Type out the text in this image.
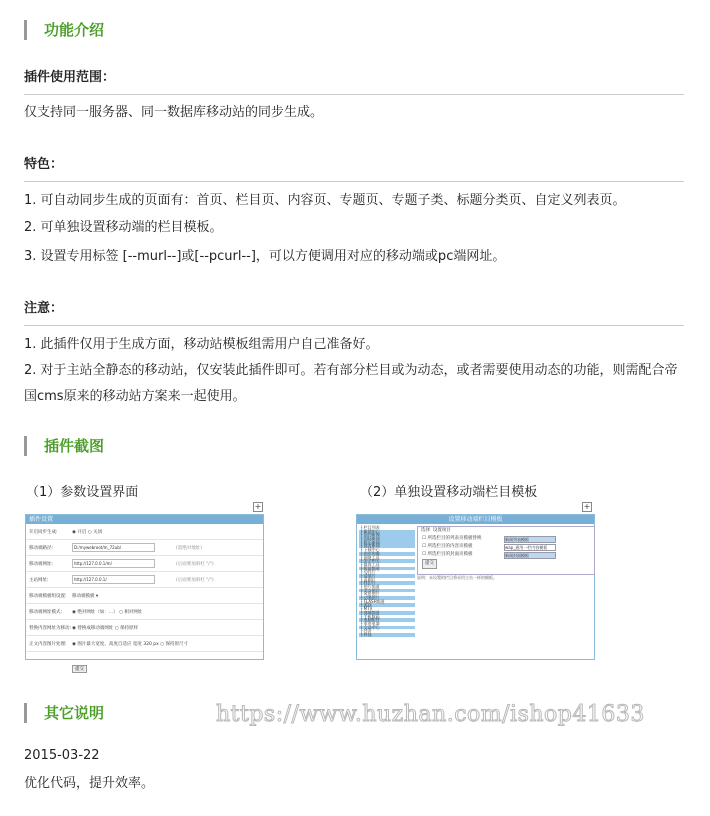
功能介绍
插件使用范围：
仅支持同一服务器、同一数据库移动站的同步生成。
特色：
1. 可自动同步生成的页面有：首页、栏目页、内容页、专题页、专题子类、标题分类页、自定义列表页。
2. 可单独设置移动端的栏目模板。
3. 设置专用标签 [--murl--]或[--pcurl--]，可以方便调用对应的移动端或pc端网址。
注意：
1. 此插件仅用于生成方面，移动站模板组需用户自己准备好。
2. 对于主站全静态的移动站，仅安装此插件即可。若有部分栏目或为动态，或者需要使用动态的功能，则需配合帝国cms原来的移动站方案来一起使用。
插件截图
（1）参数设置界面	（2）单独设置移动端栏目模板
+	+
插件设置
开启同步生成:	◉ 开启 ○ 关闭
移动端路径:	D:/mywebroot/m_72ub/	(需绝对地址)
移动端网址:	http://127.0.0.1/m/	(后面要加斜杠 "/")
主站网址:	http://127.0.0.1/	(后面要加斜杠 "/")
移动端模板组设置:	移动端模板 ▾
移动端网址模式:	◉ 绝对网址（如：...） ○ 相对网址
替换内容网址为移动: ◉ 替换成移动端网址 ○ 保持原样
正文内容图片处理:	◉ 图片最大宽度、高度自适应 宽度 320 px ○ 保持原尺寸
提交
设置移动端栏目模板
├ 栏目列表
├ 新闻中心
├ 国内新闻
├ 国际新闻
├ 娱乐新闻
├ 体育新闻
├ 下载中心
├ 图形图像
├ 网络工具
├ 安全相关
├ 媒体工具
├ 影视频道
├ 动作片
├ 爱情片
├ 喜剧片
├ 科幻片
├ 图片频道
├ 美女图片
├ 风景图片
├ 动漫图片
├ FLASH频道
├ 游戏
├ MTV
├ 商城频道
├ 手机数码
├ 电脑配件
├ 家用电器
├ 文章中心
├ 经济
├ 科技
选择 设置项目
☐ 所选栏目的列表页模板替换	新闻列表模板
☐ 所选栏目的内容页模板	wap_通用一栏内容模板
☐ 所选栏目的封面页模板	新闻封面模板
提交
说明：未设置的栏目将采用主站一样的模板。
其它说明
2015-03-22
优化代码，提升效率。
https://www.huzhan.com/ishop41633
